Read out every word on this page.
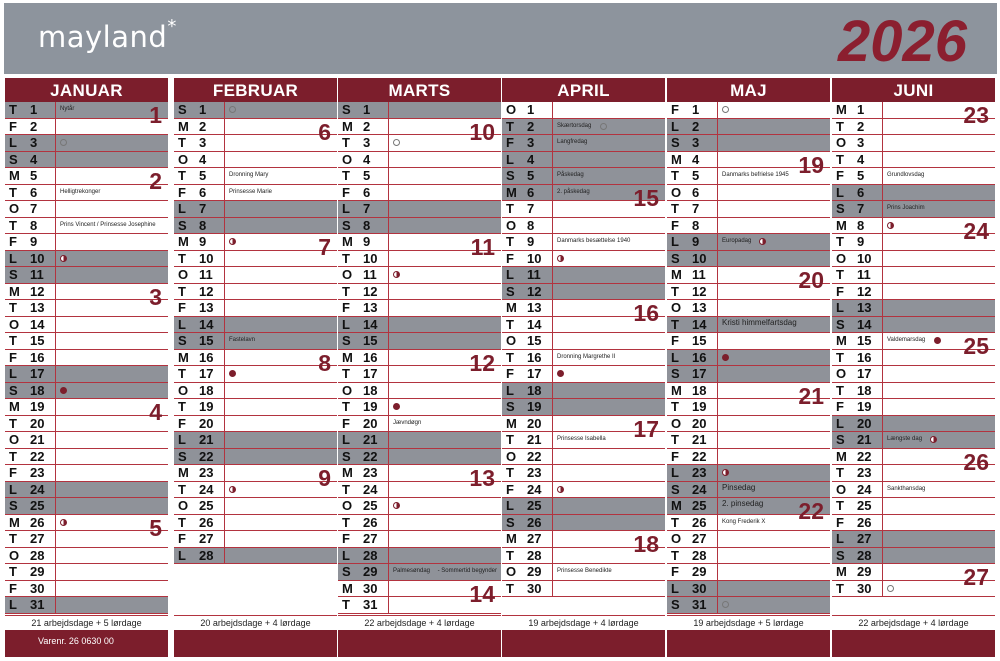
mayland*	2026
JANUAR
T 1	Nytår
F 2
L 3
S 4
M 5
T 6	Helligtrekonger
O 7
T 8	Prins Vincent / Prinsesse Josephine
F 9
L 10
S 11
M 12
T 13
O 14
T 15
F 16
L 17
S 18
M 19
T 20
O 21
T 22
F 23
L 24
S 25
M 26
T 27
O 28
T 29
F 30
L 31
1
2
3
4
5
21 arbejdsdage + 5 lørdage
FEBRUAR
S 1
M 2
T 3
O 4
T 5	Dronning Mary
F 6	Prinsesse Marie
L 7
S 8
M 9
T 10
O 11
T 12
F 13
L 14
S 15	Fastelavn
M 16
T 17
O 18
T 19
F 20
L 21
S 22
M 23
T 24
O 25
T 26
F 27
L 28
6
7
8
9
20 arbejdsdage + 4 lørdage
MARTS
S 1
M 2
T 3
O 4
T 5
F 6
L 7
S 8
M 9
T 10
O 11
T 12
F 13
L 14
S 15
M 16
T 17
O 18
T 19
F 20	Jævndøgn
L 21
S 22
M 23
T 24
O 25
T 26
F 27
L 28
S 29	Palmesøndag - Sommertid begynder
M 30
T 31
10
11
12
13
14
22 arbejdsdage + 4 lørdage
APRIL
O 1
T 2	Skærtorsdag
F 3	Langfredag
L 4
S 5	Påskedag
M 6	2. påskedag
T 7
O 8
T 9	Danmarks besættelse 1940
F 10
L 11
S 12
M 13
T 14
O 15
T 16	Dronning Margrethe II
F 17
L 18
S 19
M 20
T 21	Prinsesse Isabella
O 22
T 23
F 24
L 25
S 26
M 27
T 28
O 29	Prinsesse Benedikte
T 30
15
16
17
18
19 arbejdsdage + 4 lørdage
MAJ
F 1
L 2
S 3
M 4
T 5	Danmarks befrielse 1945
O 6
T 7
F 8
L 9	Europadag
S 10
M 11
T 12
O 13
T 14 Kristi himmelfartsdag
F 15
L 16
S 17
M 18
T 19
O 20
T 21
F 22
L 23
S 24 Pinsedag
M 25 2. pinsedag
T 26	Kong Frederik X
O 27
T 28
F 29
L 30
S 31
19
20
21
22
19 arbejdsdage + 5 lørdage
JUNI
M 1
T 2
O 3
T 4
F 5	Grundlovsdag
L 6
S 7	Prins Joachim
M 8
T 9
O 10
T 11
F 12
L 13
S 14
M 15	Valdemarsdag
T 16
O 17
T 18
F 19
L 20
S 21	Længste dag
M 22
T 23
O 24	Sankthansdag
T 25
F 26
L 27
S 28
M 29
T 30
23
24
25
26
27
22 arbejdsdage + 4 lørdage
Varenr. 26 0630 00
